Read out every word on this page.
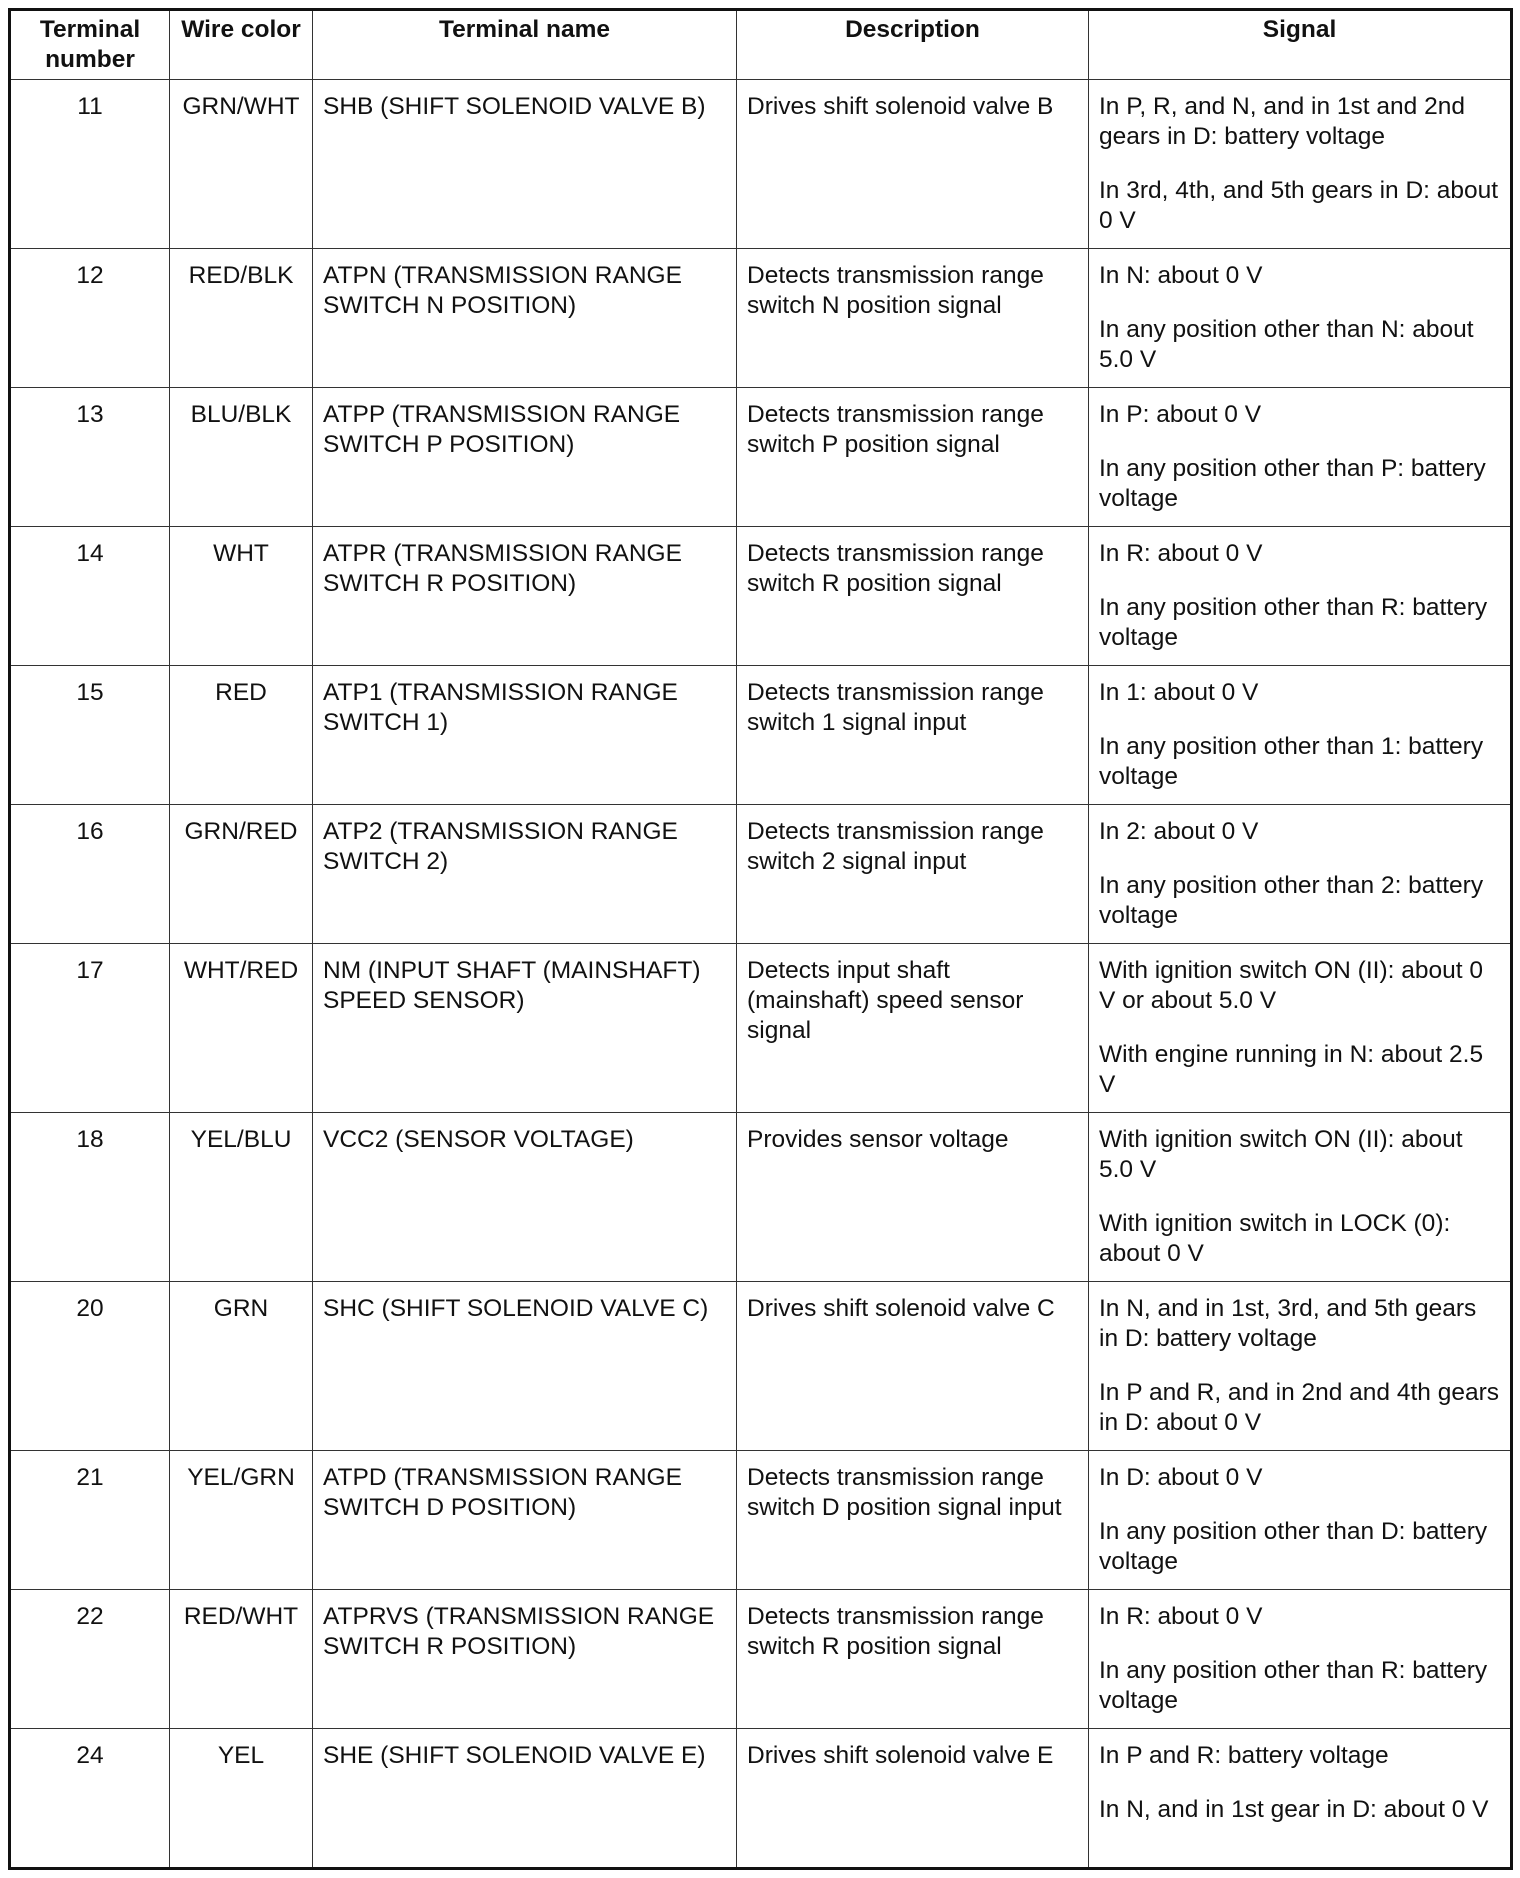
Terminal number	Wire color	Terminal name	Description	Signal
11	GRN/WHT	SHB (SHIFT SOLENOID VALVE B)	Drives shift solenoid valve B	In P, R, and N, and in 1st and 2nd gears in D: battery voltage

In 3rd, 4th, and 5th gears in D: about 0 V

12	RED/BLK	ATPN (TRANSMISSION RANGE SWITCH N POSITION)	Detects transmission range switch N position signal	In N: about 0 V

In any position other than N: about 5.0 V

13	BLU/BLK	ATPP (TRANSMISSION RANGE SWITCH P POSITION)	Detects transmission range switch P position signal	In P: about 0 V

In any position other than P: battery voltage

14	WHT	ATPR (TRANSMISSION RANGE SWITCH R POSITION)	Detects transmission range switch R position signal	In R: about 0 V

In any position other than R: battery voltage

15	RED	ATP1 (TRANSMISSION RANGE SWITCH 1)	Detects transmission range switch 1 signal input	In 1: about 0 V

In any position other than 1: battery voltage

16	GRN/RED	ATP2 (TRANSMISSION RANGE SWITCH 2)	Detects transmission range switch 2 signal input	In 2: about 0 V

In any position other than 2: battery voltage

17	WHT/RED	NM (INPUT SHAFT (MAINSHAFT) SPEED SENSOR)	Detects input shaft (mainshaft) speed sensor signal	With ignition switch ON (II): about 0 V or about 5.0 V

With engine running in N: about 2.5 V

18	YEL/BLU	VCC2 (SENSOR VOLTAGE)	Provides sensor voltage	With ignition switch ON (II): about 5.0 V

With ignition switch in LOCK (0): about 0 V

20	GRN	SHC (SHIFT SOLENOID VALVE C)	Drives shift solenoid valve C	In N, and in 1st, 3rd, and 5th gears in D: battery voltage

In P and R, and in 2nd and 4th gears in D: about 0 V

21	YEL/GRN	ATPD (TRANSMISSION RANGE SWITCH D POSITION)	Detects transmission range switch D position signal input	In D: about 0 V

In any position other than D: battery voltage

22	RED/WHT	ATPRVS (TRANSMISSION RANGE SWITCH R POSITION)	Detects transmission range switch R position signal	In R: about 0 V

In any position other than R: battery voltage

24	YEL	SHE (SHIFT SOLENOID VALVE E)	Drives shift solenoid valve E	In P and R: battery voltage

In N, and in 1st gear in D: about 0 V
